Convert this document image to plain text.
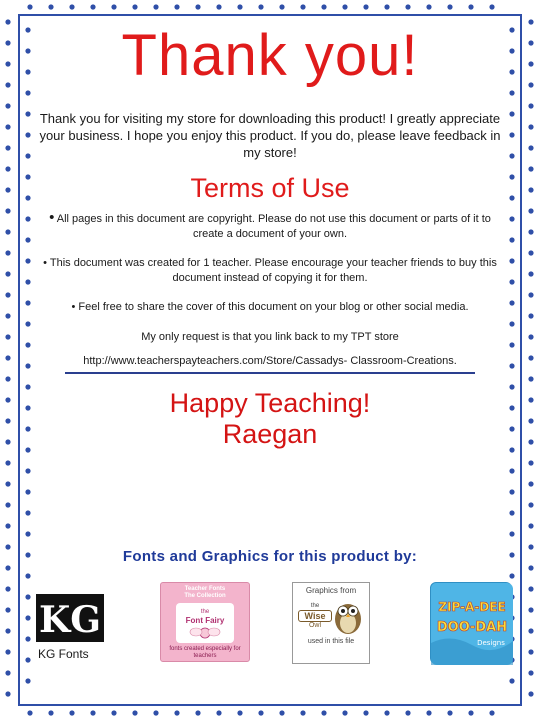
Thank you!
Thank you for visiting my store for downloading this product! I greatly appreciate your business. I hope you enjoy this product. If you do, please leave feedback in my store!
Terms of Use
• All pages in this document are copyright. Please do not use this document or parts of it to create a document of your own.
• This document was created for 1 teacher. Please encourage your teacher friends to buy this document instead of copying it for them.
• Feel free to share the cover of this document on your blog or other social media.
My only request is that you link back to my TPT store
http://www.teacherspayteachers.com/Store/Cassadys- Classroom-Creations.
Happy Teaching!
Raegan
Fonts and Graphics for this product by:
KG
KG Fonts
Teacher Fonts
The Collection
the
Font Fairy
fonts created especially for teachers
Graphics from
the
Wise
Owl
used in this file
ZIP-A-DEE
DOO-DAH
Designs
